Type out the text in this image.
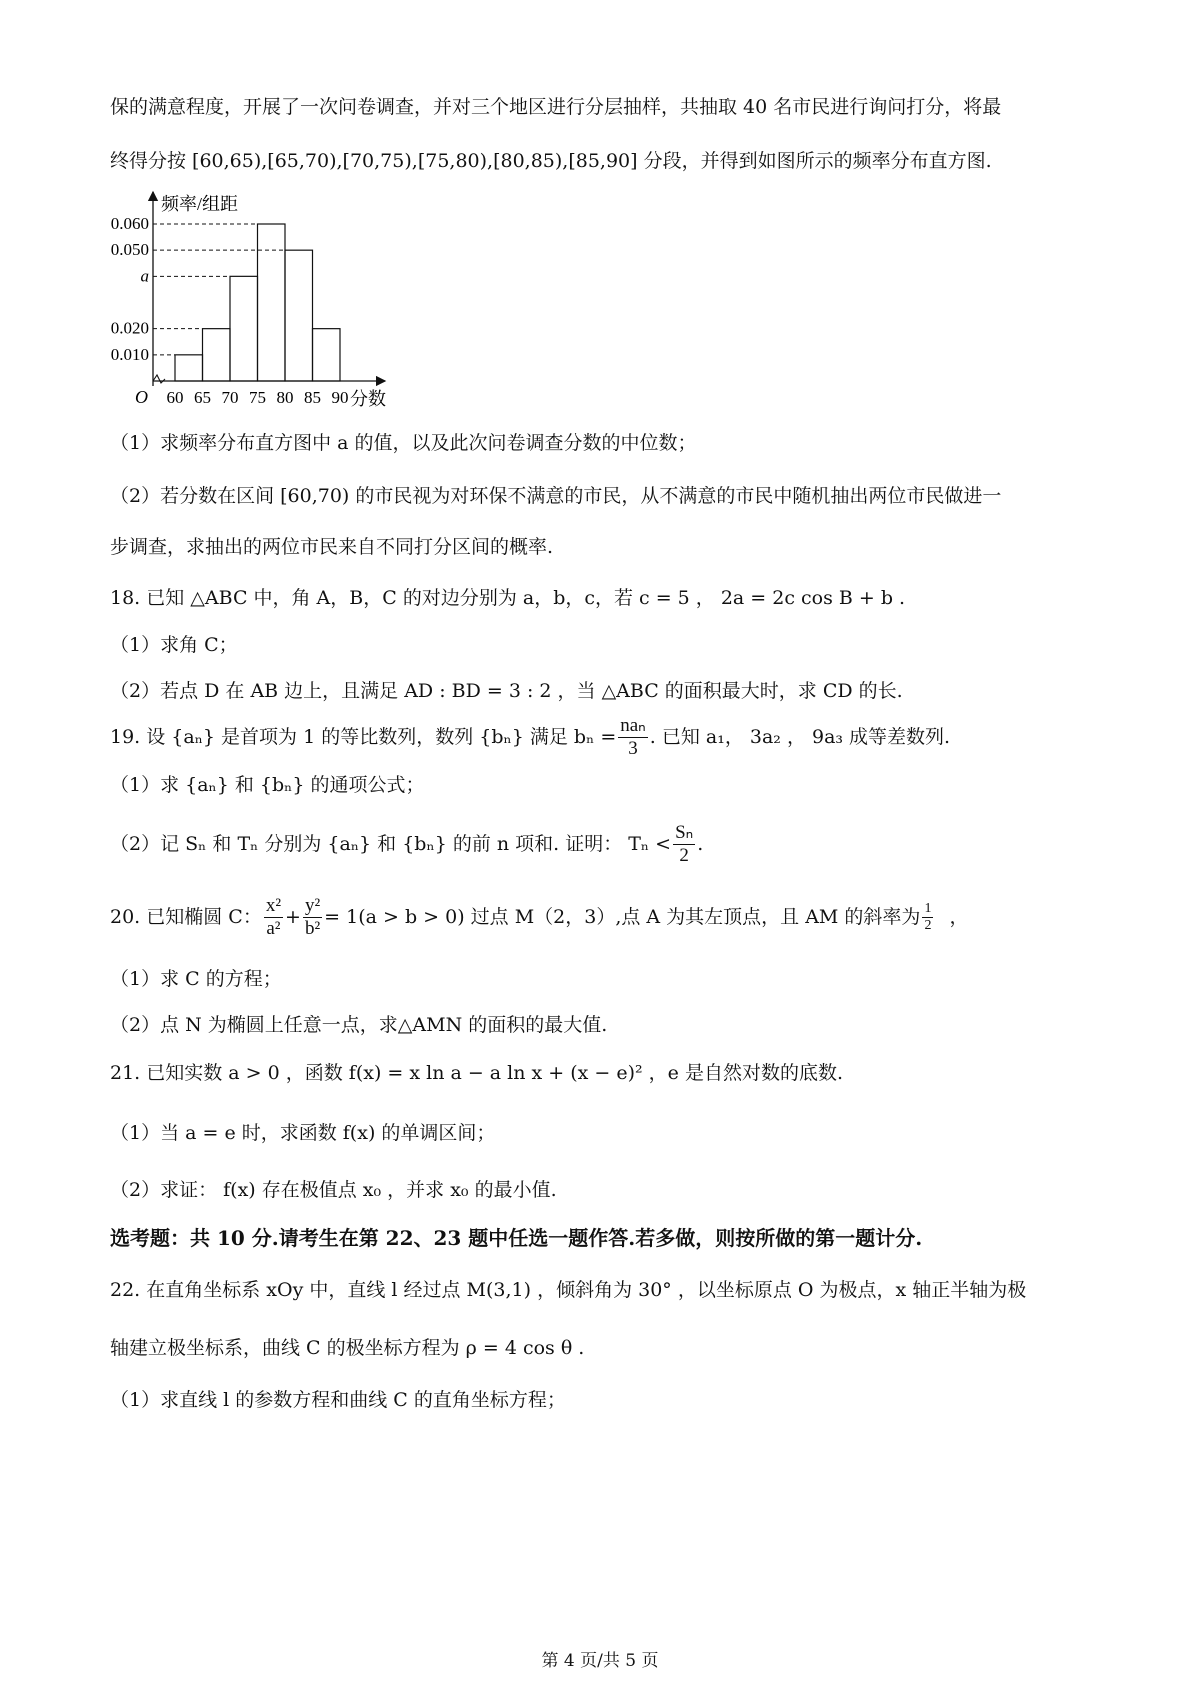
保的满意程度，开展了一次问卷调查，并对三个地区进行分层抽样，共抽取 40 名市民进行询问打分，将最
终得分按 [60,65),[65,70),[70,75),[75,80),[80,85),[85,90] 分段，并得到如图所示的频率分布直方图.
0.060
0.050
a
0.020
0.010
60 65 70 75 80 85 90
O
频率/组距
分数
（1）求频率分布直方图中 a 的值，以及此次问卷调查分数的中位数；
（2）若分数在区间 [60,70) 的市民视为对环保不满意的市民，从不满意的市民中随机抽出两位市民做进一
步调查，求抽出的两位市民来自不同打分区间的概率.
18. 已知 △ABC 中，角 A，B，C 的对边分别为 a，b，c，若 c = 5 ， 2a = 2c cos B + b .
（1）求角 C；
（2）若点 D 在 AB 边上，且满足 AD : BD = 3 : 2 ，当 △ABC 的面积最大时，求 CD 的长.
19. 设 {aₙ} 是首项为 1 的等比数列，数列 {bₙ} 满足 $b_n = \frac{\text{naₙ}}{3}$ . 已知 a₁， 3a₂ ， 9a₃ 成等差数列.
（1）求 {aₙ} 和 {bₙ} 的通项公式；
（2）记 Sₙ 和 Tₙ 分别为 {aₙ} 和 {bₙ} 的前 n 项和. 证明： $T_n < \frac{\text{Sₙ}}{2}$ .
20. 已知椭圆 C： $\frac{\text{x²}}{\text{a²}} + \frac{\text{y²}}{\text{b²}} = 1(a > b > 0)$ 过点 M（2，3）,点 A 为其左顶点，且 AM 的斜率为 $\frac{1}{2}$ ，
（1）求 C 的方程；
（2）点 N 为椭圆上任意一点，求△AMN 的面积的最大值.
21. 已知实数 a > 0 ，函数 f(x) = x ln a − a ln x + (x − e)² ，e 是自然对数的底数.
（1）当 a = e 时，求函数 f(x) 的单调区间；
（2）求证： f(x) 存在极值点 x₀ ，并求 x₀ 的最小值.
选考题：共 10 分.请考生在第 22、23 题中任选一题作答.若多做，则按所做的第一题计分.
22. 在直角坐标系 xOy 中，直线 l 经过点 M(3,1) ，倾斜角为 30° ，以坐标原点 O 为极点，x 轴正半轴为极
轴建立极坐标系，曲线 C 的极坐标方程为 ρ = 4 cos θ .
（1）求直线 l 的参数方程和曲线 C 的直角坐标方程；
第 4 页/共 5 页
